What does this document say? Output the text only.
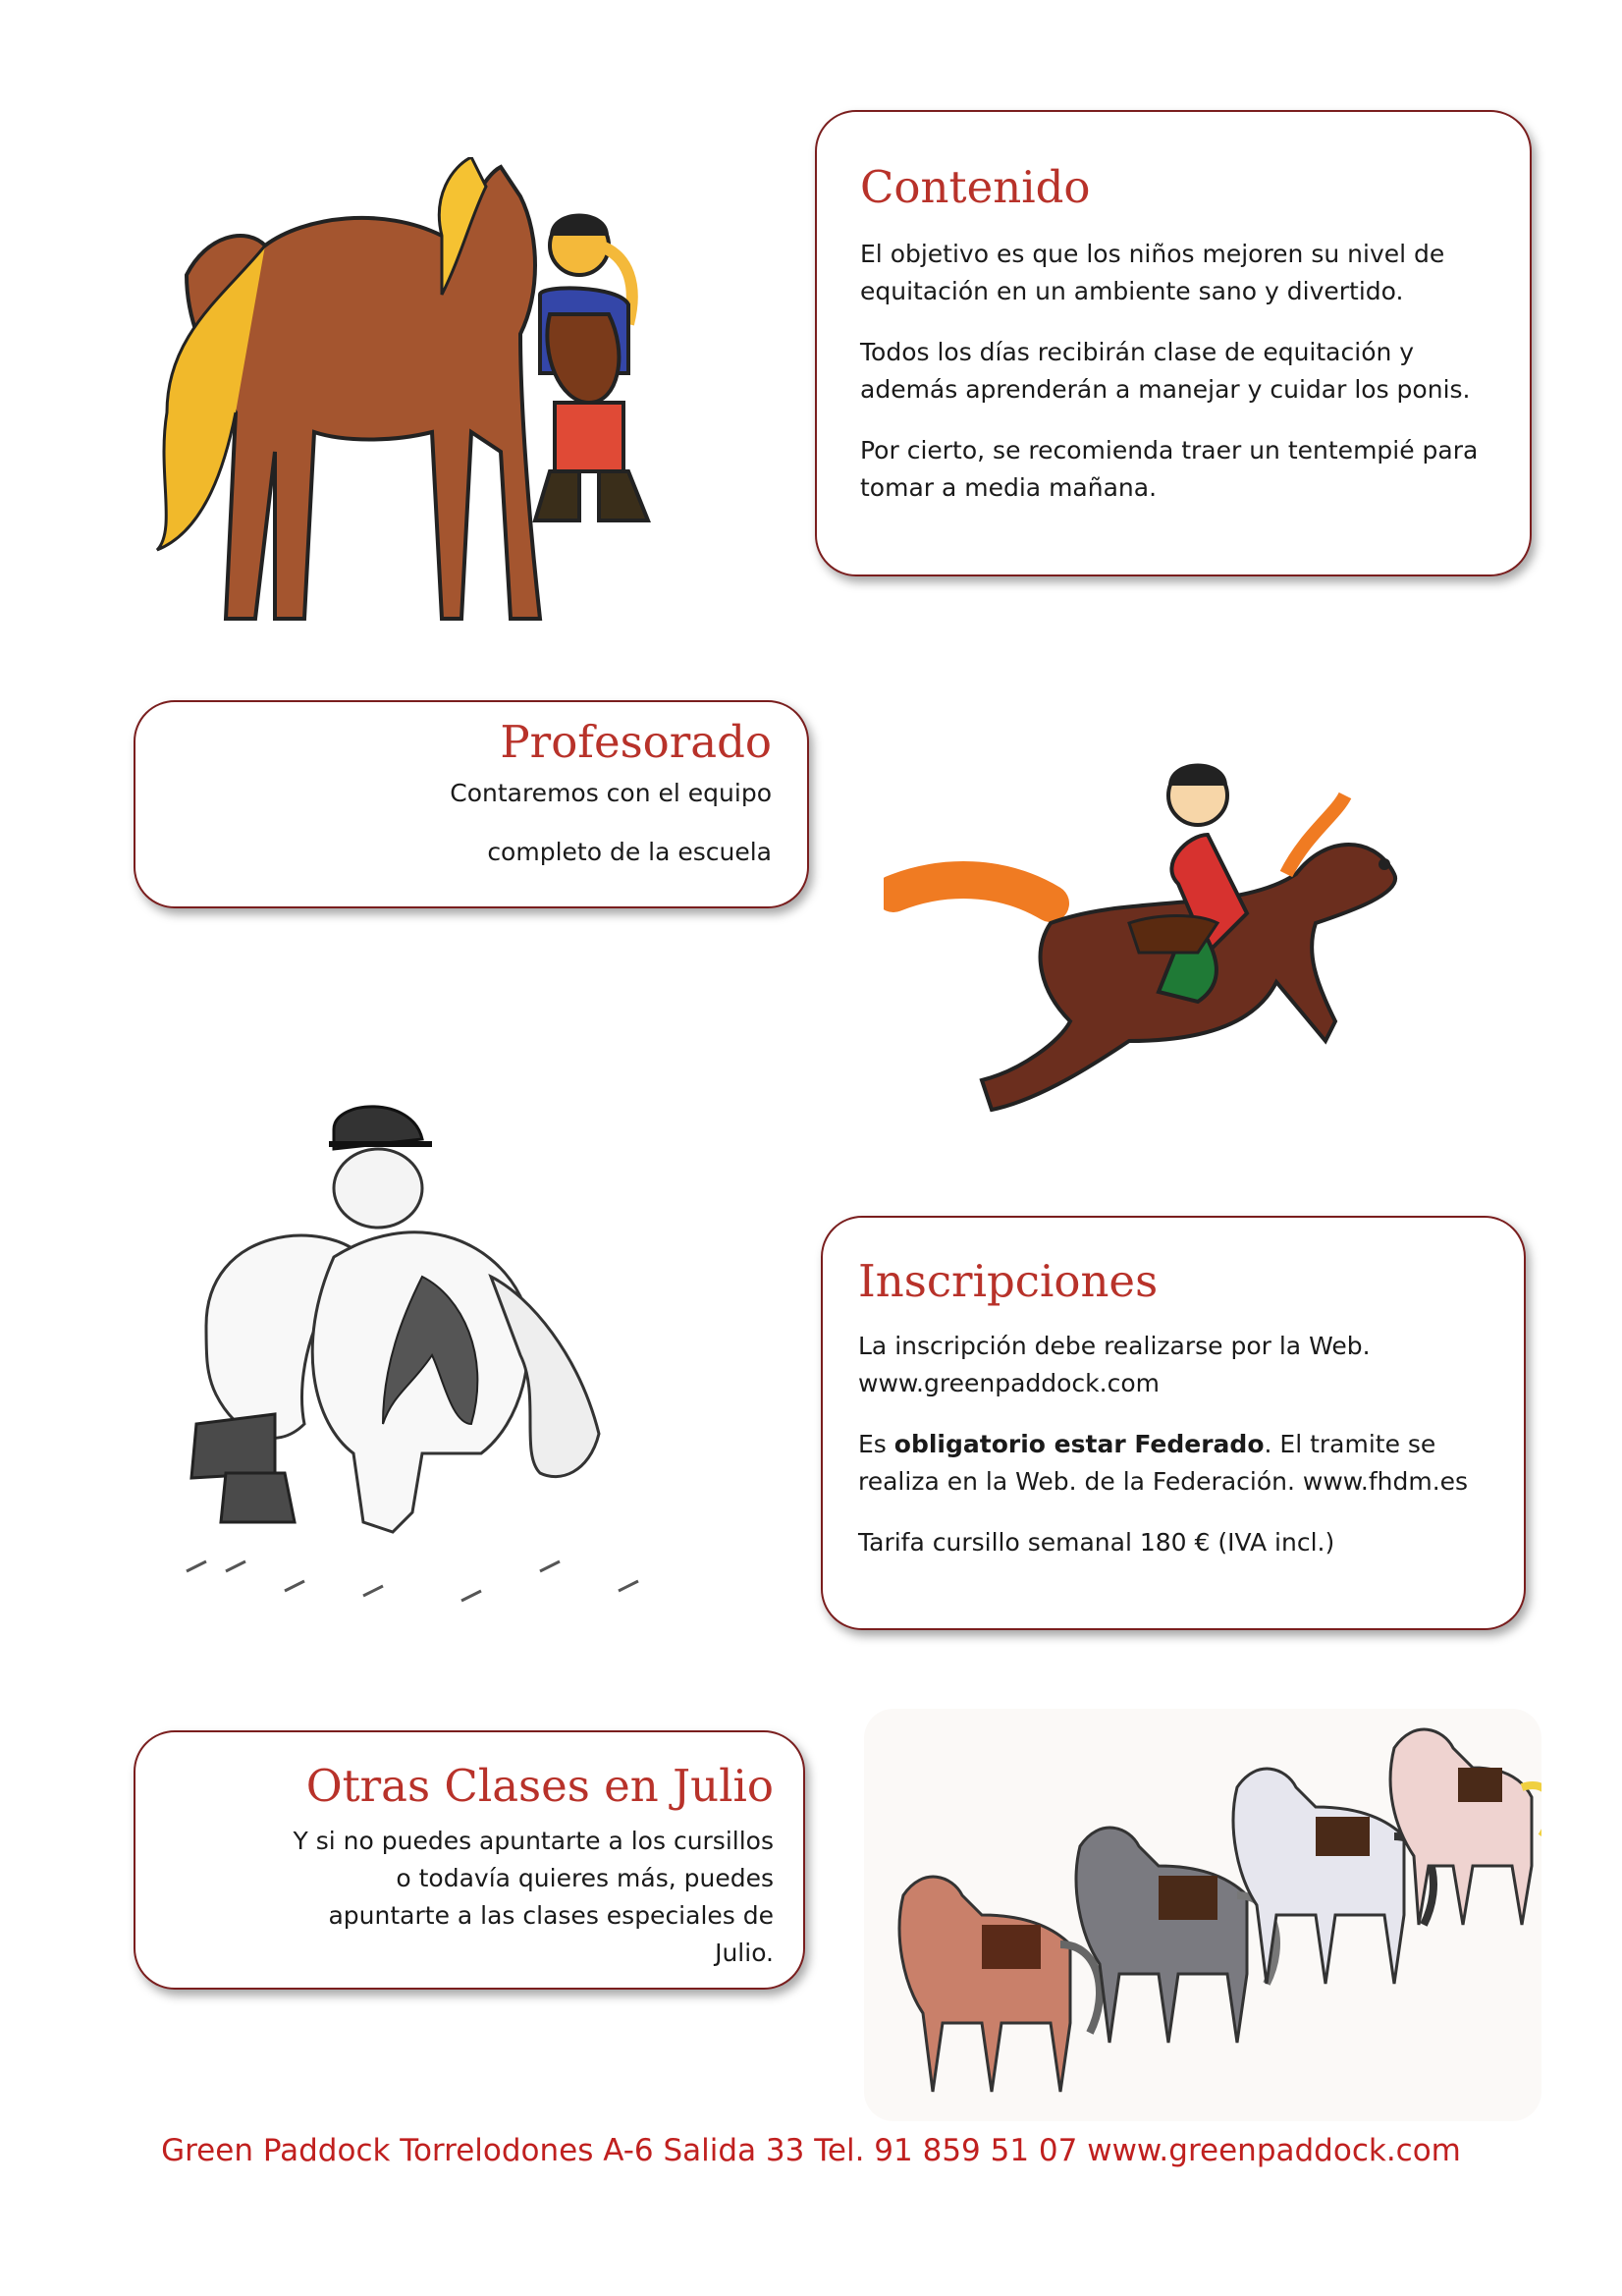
Contenido

El objetivo es que los niños mejoren su nivel de equitación en un ambiente sano y divertido.

Todos los días recibirán clase de equitación y además aprenderán a manejar y cuidar los ponis.

Por cierto, se recomienda traer un tentempié para tomar a media mañana.

Profesorado

Contaremos con el equipo

completo de la escuela

Inscripciones

La inscripción debe realizarse por la Web.
www.greenpaddock.com

Es obligatorio estar Federado. El tramite se realiza en la Web. de la Federación. www.fhdm.es

Tarifa cursillo semanal 180 € (IVA incl.)

Otras Clases en Julio

Y si no puedes apuntarte a los cursillos o todavía quieres más, puedes apuntarte a las clases especiales de Julio.

Green Paddock Torrelodones A-6 Salida 33 Tel. 91 859 51 07 www.greenpaddock.com
